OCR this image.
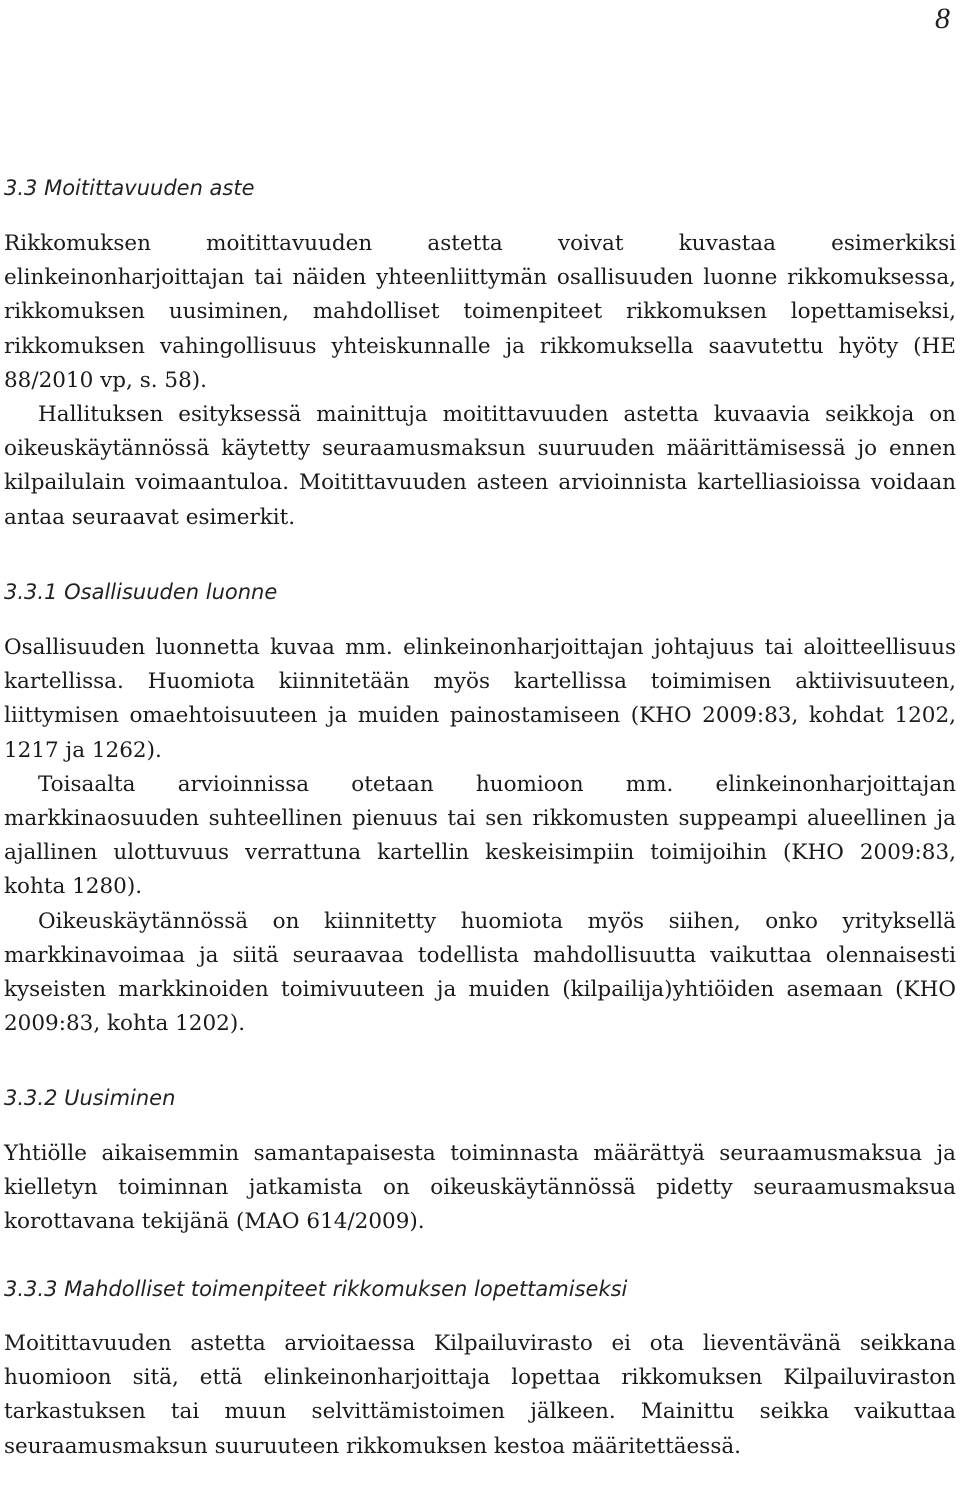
8
3.3 Moitittavuuden aste

Rikkomuksen moitittavuuden astetta voivat kuvastaa esimerkiksi elinkeinonharjoittajan tai näiden yhteenliittymän osallisuuden luonne rikkomuksessa, rikkomuksen uusiminen, mahdolliset toimenpiteet rikkomuksen lopettamiseksi, rikkomuksen vahingollisuus yhteiskunnalle ja rikkomuksella saavutettu hyöty (HE 88/2010 vp, s. 58).

Hallituksen esityksessä mainittuja moitittavuuden astetta kuvaavia seikkoja on oikeuskäytännössä käytetty seuraamusmaksun suuruuden määrittämisessä jo ennen kilpailulain voimaantuloa. Moitittavuuden asteen arvioinnista kartelliasioissa voidaan antaa seuraavat esimerkit.

3.3.1 Osallisuuden luonne

Osallisuuden luonnetta kuvaa mm. elinkeinonharjoittajan johtajuus tai aloitteellisuus kartellissa. Huomiota kiinnitetään myös kartellissa toimimisen aktiivisuuteen, liittymisen omaehtoisuuteen ja muiden painostamiseen (KHO 2009:83, kohdat 1202, 1217 ja 1262).

Toisaalta arvioinnissa otetaan huomioon mm. elinkeinonharjoittajan markkinaosuuden suhteellinen pienuus tai sen rikkomusten suppeampi alueellinen ja ajallinen ulottuvuus verrattuna kartellin keskeisimpiin toimijoihin (KHO 2009:83, kohta 1280).

Oikeuskäytännössä on kiinnitetty huomiota myös siihen, onko yrityksellä markkinavoimaa ja siitä seuraavaa todellista mahdollisuutta vaikuttaa olennaisesti kyseisten markkinoiden toimivuuteen ja muiden (kilpailija)yhtiöiden asemaan (KHO 2009:83, kohta 1202).

3.3.2 Uusiminen

Yhtiölle aikaisemmin samantapaisesta toiminnasta määrättyä seuraamusmaksua ja kielletyn toiminnan jatkamista on oikeuskäytännössä pidetty seuraamusmaksua korottavana tekijänä (MAO 614/2009).

3.3.3 Mahdolliset toimenpiteet rikkomuksen lopettamiseksi

Moitittavuuden astetta arvioitaessa Kilpailuvirasto ei ota lieventävänä seikkana huomioon sitä, että elinkeinonharjoittaja lopettaa rikkomuksen Kilpailuviraston tarkastuksen tai muun selvittämistoimen jälkeen. Mainittu seikka vaikuttaa seuraamusmaksun suuruuteen rikkomuksen kestoa määritettäessä.
